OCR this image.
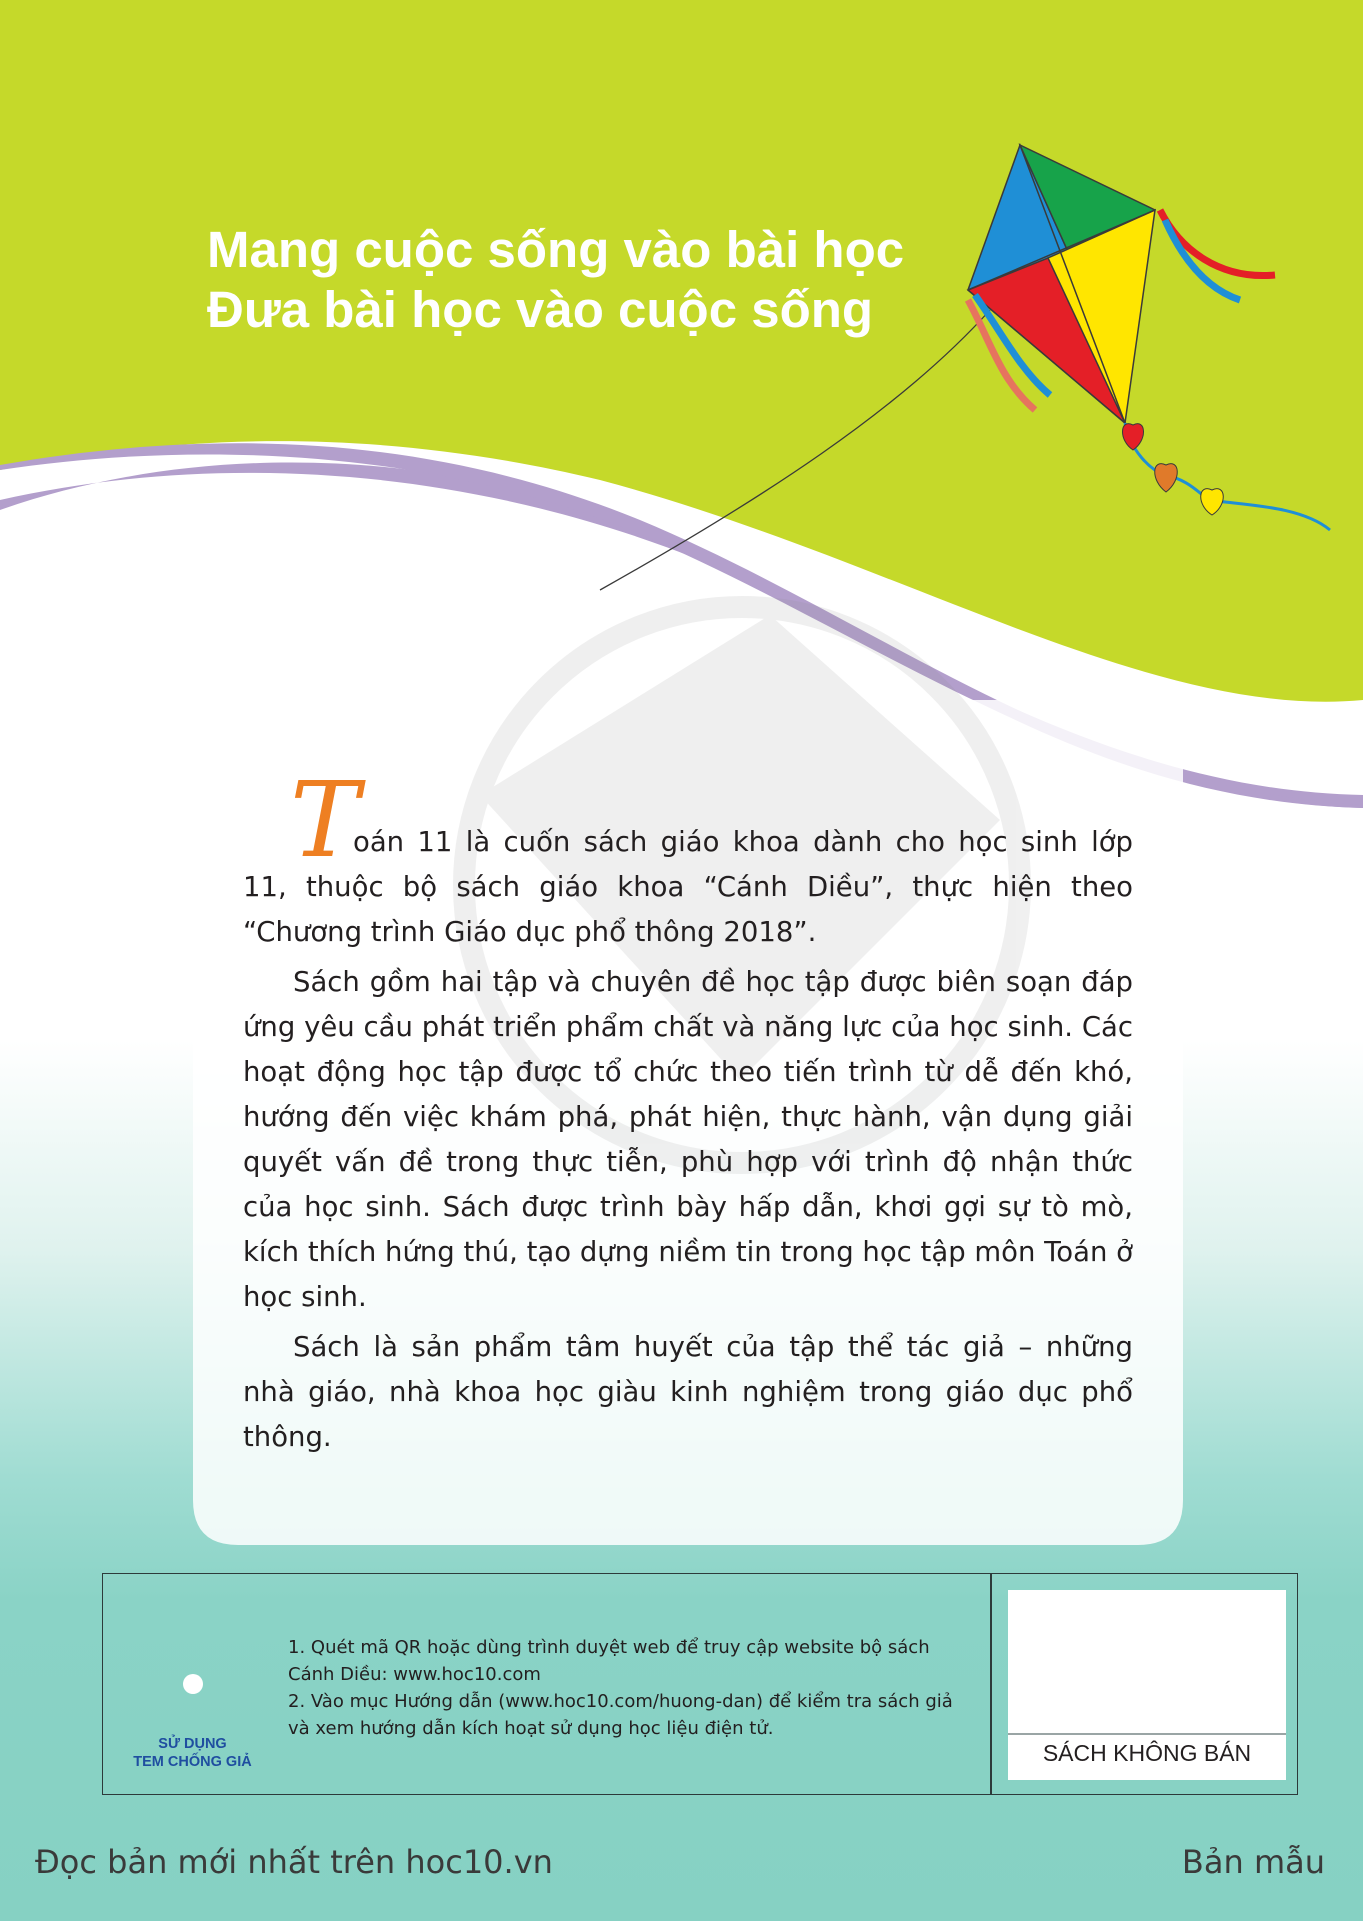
Mang cuộc sống vào bài học
Đưa bài học vào cuộc sống
T

oán 11 là cuốn sách giáo khoa dành cho học sinh lớp 11, thuộc bộ sách giáo khoa “Cánh Diều”, thực hiện theo “Chương trình Giáo dục phổ thông 2018”.

Sách gồm hai tập và chuyên đề học tập được biên soạn đáp ứng yêu cầu phát triển phẩm chất và năng lực của học sinh. Các hoạt động học tập được tổ chức theo tiến trình từ dễ đến khó, hướng đến việc khám phá, phát hiện, thực hành, vận dụng giải quyết vấn đề trong thực tiễn, phù hợp với trình độ nhận thức của học sinh. Sách được trình bày hấp dẫn, khơi gợi sự tò mò, kích thích hứng thú, tạo dựng niềm tin trong học tập môn Toán ở học sinh.

Sách là sản phẩm tâm huyết của tập thể tác giả – những nhà giáo, nhà khoa học giàu kinh nghiệm trong giáo dục phổ thông.

SỬ DỤNG
TEM CHỐNG GIẢ
1. Quét mã QR hoặc dùng trình duyệt web để truy cập website bộ sách
Cánh Diều: www.hoc10.com
2. Vào mục Hướng dẫn (www.hoc10.com/huong-dan) để kiểm tra sách giả
và xem hướng dẫn kích hoạt sử dụng học liệu điện tử.
SÁCH KHÔNG BÁN
Đọc bản mới nhất trên hoc10.vn	Bản mẫu
